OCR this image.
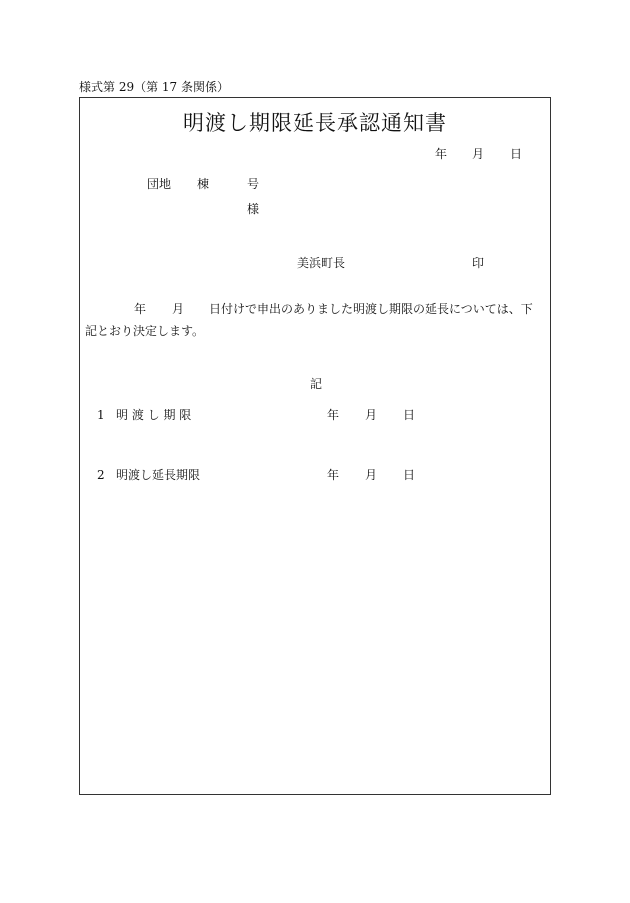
様式第 29（第 17 条関係）
明渡し期限延長承認通知書
年 月 日
団地 棟	号
様
美浜町長	印
年 月 日付けで申出のありました明渡し期限の延長については、下
記とおり決定します。
記
1 明 渡 し 期 限	年 月 日
2 明渡し延長期限	年 月 日
